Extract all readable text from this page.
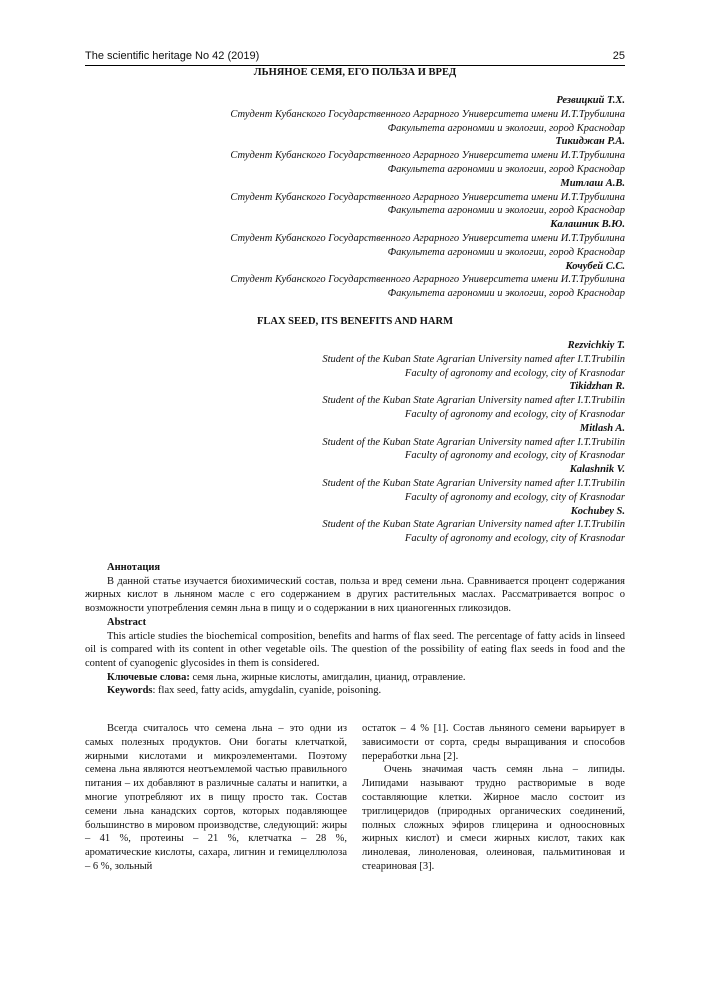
The scientific heritage No 42 (2019)	25
ЛЬНЯНОЕ СЕМЯ, ЕГО ПОЛЬЗА И ВРЕД
Резвицкий Т.Х.
Студент Кубанского Государственного Аграрного Университета имени И.Т.Трубилина
Факультета агрономии и экологии, город Краснодар
Тикиджан Р.А.
Студент Кубанского Государственного Аграрного Университета имени И.Т.Трубилина
Факультета агрономии и экологии, город Краснодар
Митлаш А.В.
Студент Кубанского Государственного Аграрного Университета имени И.Т.Трубилина
Факультета агрономии и экологии, город Краснодар
Калашник В.Ю.
Студент Кубанского Государственного Аграрного Университета имени И.Т.Трубилина
Факультета агрономии и экологии, город Краснодар
Кочубей С.С.
Студент Кубанского Государственного Аграрного Университета имени И.Т.Трубилина
Факультета агрономии и экологии, город Краснодар
FLAX SEED, ITS BENEFITS AND HARM
Rezvichkiy T.
Student of the Kuban State Agrarian University named after I.T.Trubilin
Faculty of agronomy and ecology, city of Krasnodar
Tikidzhan R.
Student of the Kuban State Agrarian University named after I.T.Trubilin
Faculty of agronomy and ecology, city of Krasnodar
Mitlash A.
Student of the Kuban State Agrarian University named after I.T.Trubilin
Faculty of agronomy and ecology, city of Krasnodar
Kalashnik V.
Student of the Kuban State Agrarian University named after I.T.Trubilin
Faculty of agronomy and ecology, city of Krasnodar
Kochubey S.
Student of the Kuban State Agrarian University named after I.T.Trubilin
Faculty of agronomy and ecology, city of Krasnodar

Аннотация

В данной статье изучается биохимический состав, польза и вред семени льна. Сравнивается процент содержания жирных кислот в льняном масле с его содержанием в других растительных маслах. Рассматривается вопрос о возможности употребления семян льна в пищу и о содержании в них цианогенных гликозидов.

Abstract

This article studies the biochemical composition, benefits and harms of flax seed. The percentage of fatty acids in linseed oil is compared with its content in other vegetable oils. The question of the possibility of eating flax seeds in food and the content of cyanogenic glycosides in them is considered.

Ключевые слова: семя льна, жирные кислоты, амигдалин, цианид, отравление.

Keywords: flax seed, fatty acids, amygdalin, cyanide, poisoning.

Всегда считалось что семена льна – это одни из самых полезных продуктов. Они богаты клетчаткой, жирными кислотами и микроэлементами. Поэтому семена льна являются неотъемлемой частью правильного питания – их добавляют в различные салаты и напитки, а многие употребляют их в пищу просто так. Состав семени льна канадских сортов, которых подавляющее большинство в мировом производстве, следующий: жиры – 41 %, протеины – 21 %, клетчатка – 28 %, ароматические кислоты, сахара, лигнин и гемицеллюлоза – 6 %, зольный

остаток – 4 % [1]. Состав льняного семени варьирует в зависимости от сорта, среды выращивания и способов переработки льна [2].

Очень значимая часть семян льна – липиды. Липидами называют трудно растворимые в воде составляющие клетки. Жирное масло состоит из триглицеридов (природных органических соединений, полных сложных эфиров глицерина и одноосновных жирных кислот) и смеси жирных кислот, таких как линолевая, линоленовая, олеиновая, пальмитиновая и стеариновая [3].
